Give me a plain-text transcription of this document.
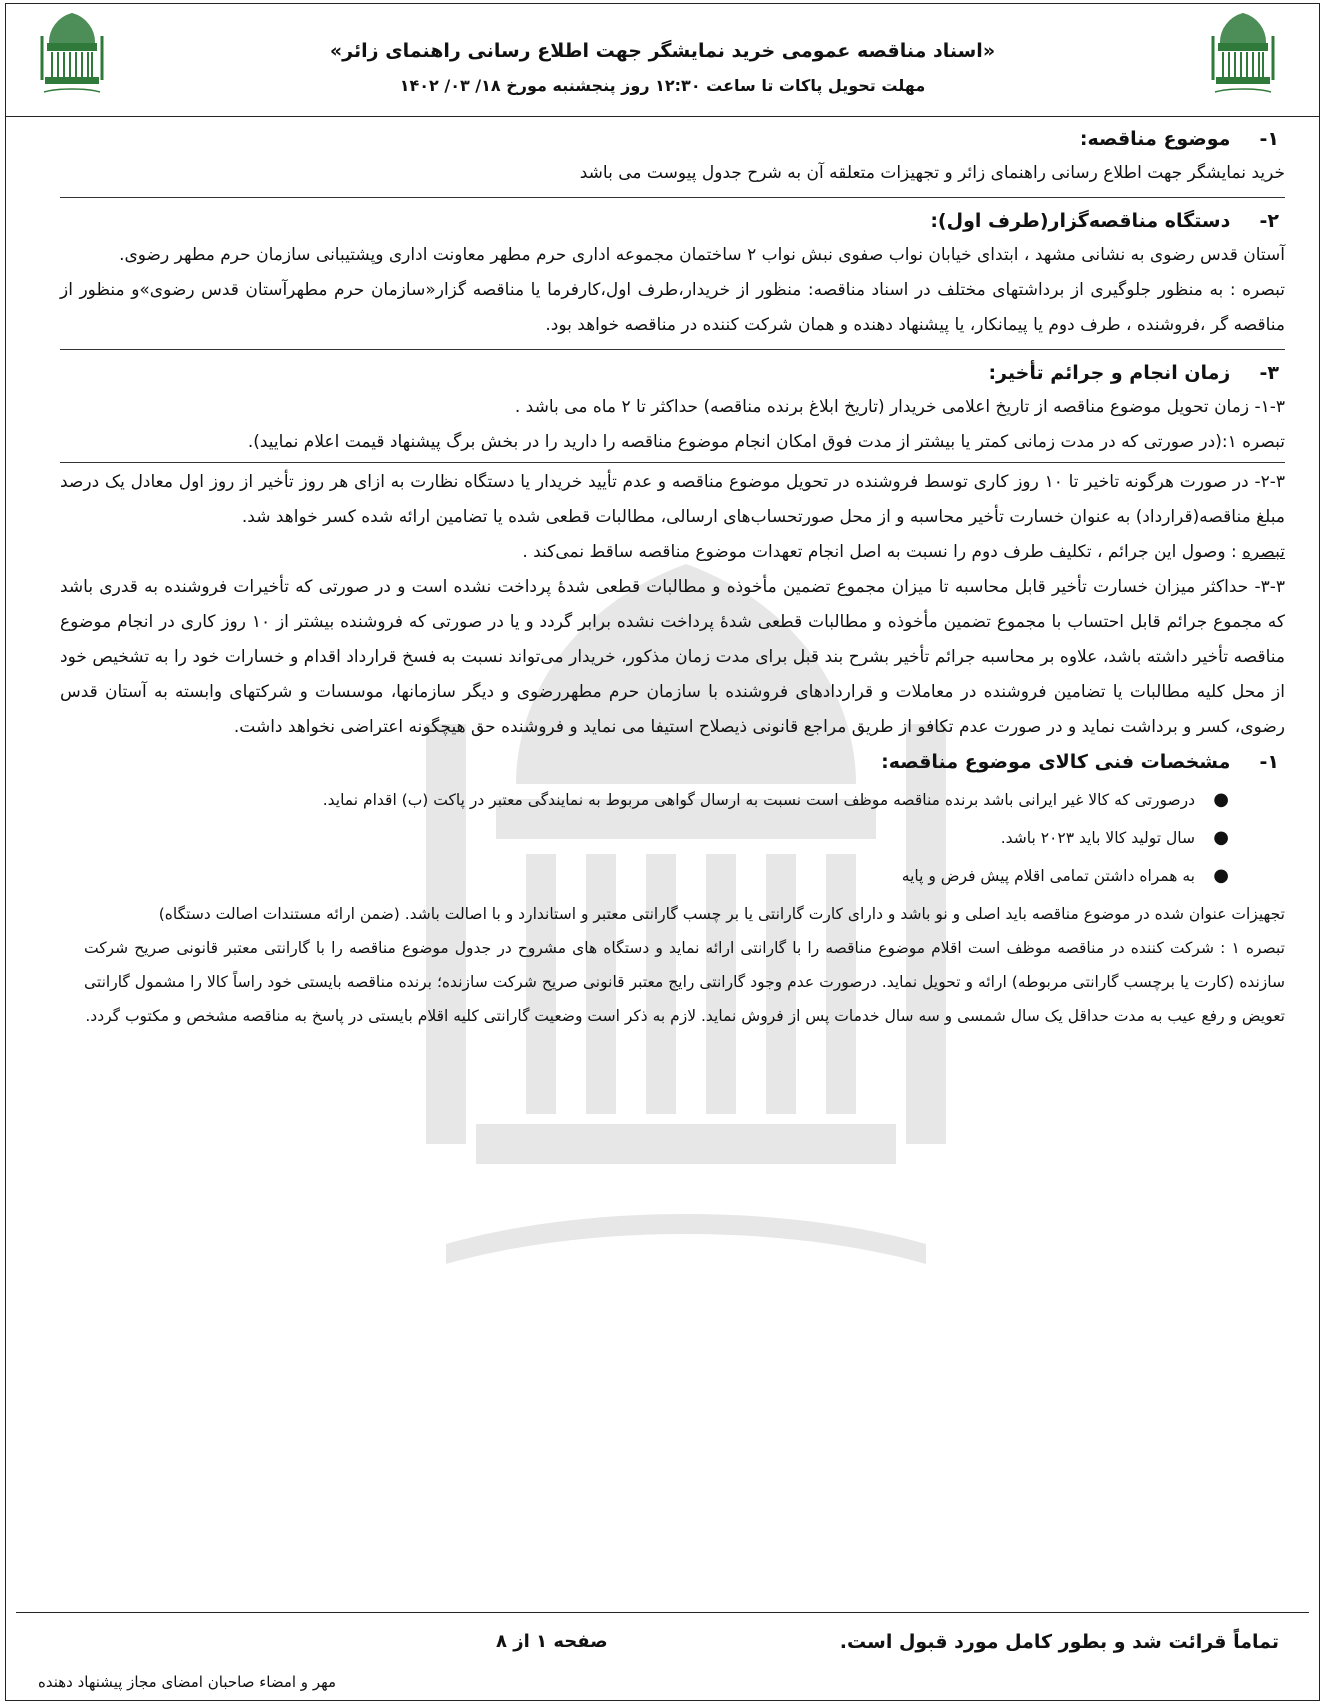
«اسناد مناقصه عمومی خرید نمایشگر جهت اطلاع رسانی راهنمای زائر»
مهلت تحویل پاکات تا ساعت ۱۲:۳۰ روز پنجشنبه مورخ ۱۸/ ۰۳/ ۱۴۰۲

۱- موضوع مناقصه:

خرید نمایشگر جهت اطلاع رسانی راهنمای زائر و تجهیزات متعلقه آن به شرح جدول پیوست می باشد

۲- دستگاه مناقصه‌گزار(طرف اول):

آستان قدس رضوی به نشانی مشهد ، ابتدای خیابان نواب صفوی نبش نواب ۲ ساختمان مجموعه اداری حرم مطهر معاونت اداری وپشتیبانی سازمان حرم مطهر رضوی.

تبصره : به منظور جلوگیری از برداشتهای مختلف در اسناد مناقصه: منظور از خریدار،طرف اول،کارفرما یا مناقصه گزار«سازمان حرم مطهرآستان قدس رضوی»و منظور از مناقصه گر ،فروشنده ، طرف دوم یا پیمانکار، یا پیشنهاد دهنده و همان شرکت کننده در مناقصه خواهد بود.

۳- زمان انجام و جرائم تأخیر:

۱-۳- زمان تحویل موضوع مناقصه از تاریخ اعلامی خریدار (تاریخ ابلاغ برنده مناقصه) حداکثر تا ۲ ماه می باشد .

تبصره ۱:(در صورتی که در مدت زمانی کمتر یا بیشتر از مدت فوق امکان انجام موضوع مناقصه را دارید را در بخش برگ پیشنهاد قیمت اعلام نمایید).

۲-۳- در صورت هرگونه تاخیر تا ۱۰ روز کاری توسط فروشنده در تحویل موضوع مناقصه و عدم تأیید خریدار یا دستگاه نظارت به ازای هر روز تأخیر از روز اول معادل یک درصد مبلغ مناقصه(قرارداد) به عنوان خسارت تأخیر محاسبه و از محل صورتحساب‌های ارسالی، مطالبات قطعی شده یا تضامین ارائه شده کسر خواهد شد.

تبصره : وصول این جرائم ، تکلیف طرف دوم را نسبت به اصل انجام تعهدات موضوع مناقصه ساقط نمی‌کند .

۳-۳- حداکثر میزان خسارت تأخیر قابل محاسبه تا میزان مجموع تضمین مأخوذه و مطالبات قطعی شدۀ پرداخت نشده است و در صورتی که تأخیرات فروشنده به قدری باشد که مجموع جرائم قابل احتساب با مجموع تضمین مأخوذه و مطالبات قطعی شدۀ پرداخت نشده برابر گردد و یا در صورتی که فروشنده بیشتر از ۱۰ روز کاری در انجام موضوع مناقصه تأخیر داشته باشد، علاوه بر محاسبه جرائم تأخیر بشرح بند قبل برای مدت زمان مذکور، خریدار می‌تواند نسبت به فسخ قرارداد اقدام و خسارات خود را به تشخیص خود از محل کلیه مطالبات یا تضامین فروشنده در معاملات و قراردادهای فروشنده با سازمان حرم مطهررضوی و دیگر سازمانها، موسسات و شرکتهای وابسته به آستان قدس رضوی، کسر و برداشت نماید و در صورت عدم تکافو از طریق مراجع قانونی ذیصلاح استیفا می نماید و فروشنده حق هیچگونه اعتراضی نخواهد داشت.

۱- مشخصات فنی کالای موضوع مناقصه:

●
درصورتی که کالا غیر ایرانی باشد برنده مناقصه موظف است نسبت به ارسال گواهی مربوط به نمایندگی معتبر در پاکت (ب) اقدام نماید.
●
سال تولید کالا باید ۲۰۲۳ باشد.
●
به همراه داشتن تمامی اقلام پیش فرض و پایه

تجهیزات عنوان شده در موضوع مناقصه باید اصلی و نو باشد و دارای کارت گارانتی یا بر چسب گارانتی معتبر و استاندارد و با اصالت باشد. (ضمن ارائه مستندات اصالت دستگاه)

تبصره ۱ : شرکت کننده در مناقصه موظف است اقلام موضوع مناقصه را با گارانتی ارائه نماید و دستگاه های مشروح در جدول موضوع مناقصه را با گارانتی معتبر قانونی صریح شرکت سازنده (کارت یا برچسب گارانتی مربوطه) ارائه و تحویل نماید. درصورت عدم وجود گارانتی رایج معتبر قانونی صریح شرکت سازنده؛ برنده مناقصه بایستی خود راساً کالا را مشمول گارانتی تعویض و رفع عیب به مدت حداقل یک سال شمسی و سه سال خدمات پس از فروش نماید. لازم به ذکر است وضعیت گارانتی کلیه اقلام بایستی در پاسخ به مناقصه مشخص و مکتوب گردد.

تماماً قرائت شد و بطور کامل مورد قبول است.
صفحه ۱ از ۸
مهر و امضاء صاحبان امضای مجاز پیشنهاد دهنده
